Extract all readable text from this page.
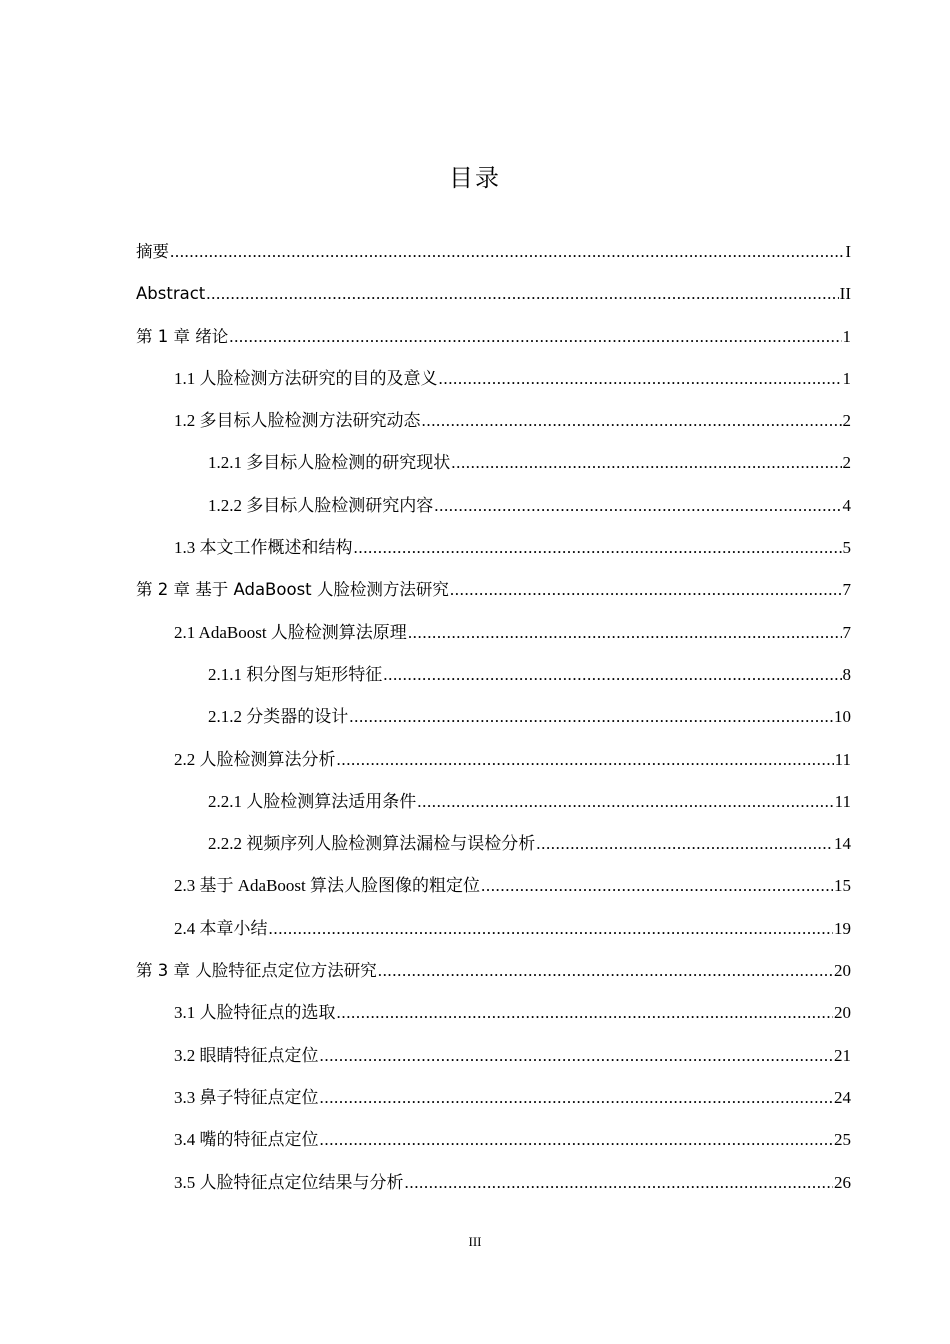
目录
摘要 .....	I
Abstract .....	II
第 1 章 绪论 .....	1
1.1 人脸检测方法研究的目的及意义 .....	1
1.2 多目标人脸检测方法研究动态 .....	2
1.2.1 多目标人脸检测的研究现状 .....	2
1.2.2 多目标人脸检测研究内容 .....	4
1.3 本文工作概述和结构 .....	5
第 2 章 基于 AdaBoost 人脸检测方法研究 .....	7
2.1 AdaBoost 人脸检测算法原理 .....	7
2.1.1 积分图与矩形特征 .....	8
2.1.2 分类器的设计 .....	10
2.2 人脸检测算法分析 .....	11
2.2.1 人脸检测算法适用条件 .....	11
2.2.2 视频序列人脸检测算法漏检与误检分析 .....	14
2.3 基于 AdaBoost 算法人脸图像的粗定位 .....	15
2.4 本章小结 .....	19
第 3 章 人脸特征点定位方法研究 .....	20
3.1 人脸特征点的选取 .....	20
3.2 眼睛特征点定位 .....	21
3.3 鼻子特征点定位 .....	24
3.4 嘴的特征点定位 .....	25
3.5 人脸特征点定位结果与分析 .....	26
III
